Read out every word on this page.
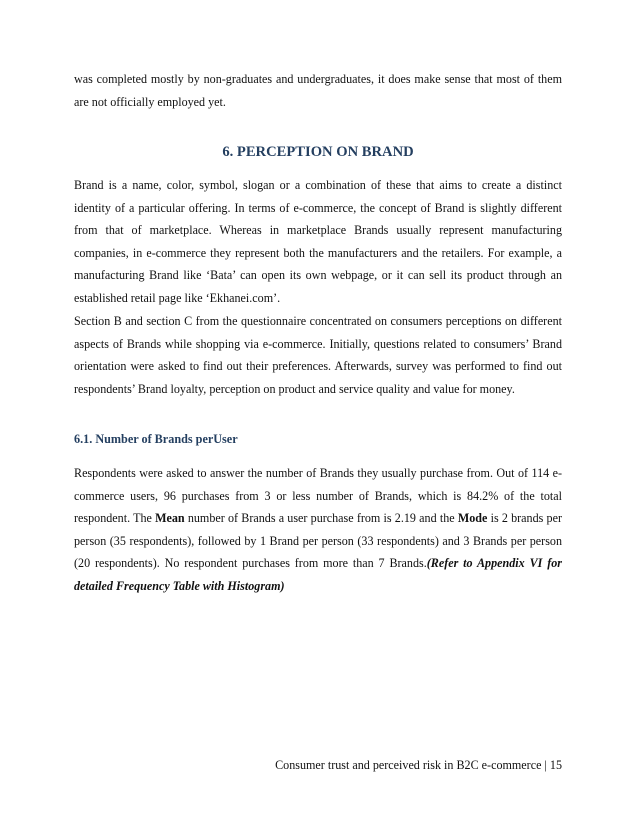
was completed mostly by non-graduates and undergraduates, it does make sense that most of them are not officially employed yet.

6. PERCEPTION ON BRAND

Brand is a name, color, symbol, slogan or a combination of these that aims to create a distinct identity of a particular offering. In terms of e-commerce, the concept of Brand is slightly different from that of marketplace. Whereas in marketplace Brands usually represent manufacturing companies, in e-commerce they represent both the manufacturers and the retailers. For example, a manufacturing Brand like ‘Bata’ can open its own webpage, or it can sell its product through an established retail page like ‘Ekhanei.com’.

Section B and section C from the questionnaire concentrated on consumers perceptions on different aspects of Brands while shopping via e-commerce. Initially, questions related to consumers’ Brand orientation were asked to find out their preferences. Afterwards, survey was performed to find out respondents’ Brand loyalty, perception on product and service quality and value for money.

6.1. Number of Brands perUser

Respondents were asked to answer the number of Brands they usually purchase from. Out of 114 e-commerce users, 96 purchases from 3 or less number of Brands, which is 84.2% of the total respondent. The Mean number of Brands a user purchase from is 2.19 and the Mode is 2 brands per person (35 respondents), followed by 1 Brand per person (33 respondents) and 3 Brands per person (20 respondents). No respondent purchases from more than 7 Brands.(Refer to Appendix VI for detailed Frequency Table with Histogram)

Consumer trust and perceived risk in B2C e-commerce | 15
